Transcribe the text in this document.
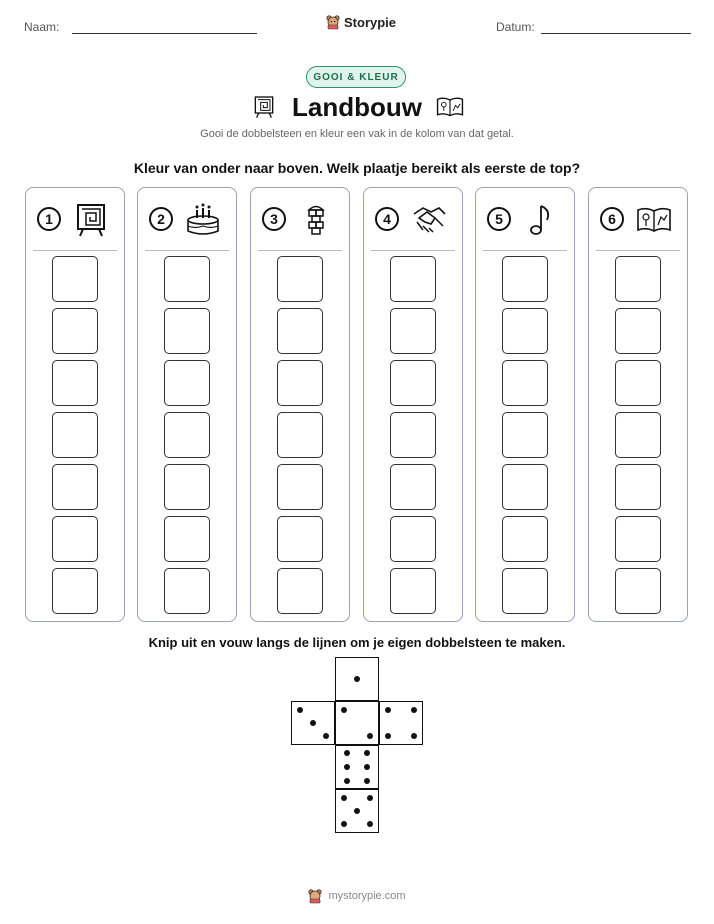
Naam:	Storypie	Datum:
GOOI & KLEUR
Landbouw
Gooi de dobbelsteen en kleur een vak in de kolom van dat getal.
Kleur van onder naar boven. Welk plaatje bereikt als eerste de top?
1	2	3	4	5	6
Knip uit en vouw langs de lijnen om je eigen dobbelsteen te maken.
mystorypie.com
